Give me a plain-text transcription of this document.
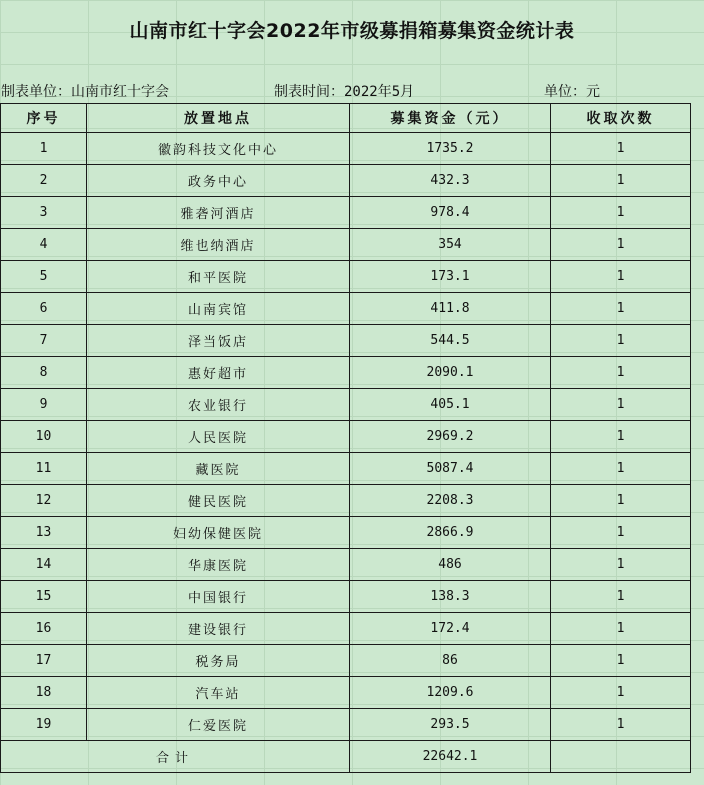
山南市红十字会2022年市级募捐箱募集资金统计表
制表单位：山南市红十字会	制表时间：2022年5月	单位：元
序号	放置地点	募集资金（元）	收取次数
1	徽韵科技文化中心	1735.2	1
2	政务中心	432.3	1
3	雅砻河酒店	978.4	1
4	维也纳酒店	354	1
5	和平医院	173.1	1
6	山南宾馆	411.8	1
7	泽当饭店	544.5	1
8	惠好超市	2090.1	1
9	农业银行	405.1	1
10	人民医院	2969.2	1
11	藏医院	5087.4	1
12	健民医院	2208.3	1
13	妇幼保健医院	2866.9	1
14	华康医院	486	1
15	中国银行	138.3	1
16	建设银行	172.4	1
17	税务局	86	1
18	汽车站	1209.6	1
19	仁爱医院	293.5	1
合计		22642.1	
